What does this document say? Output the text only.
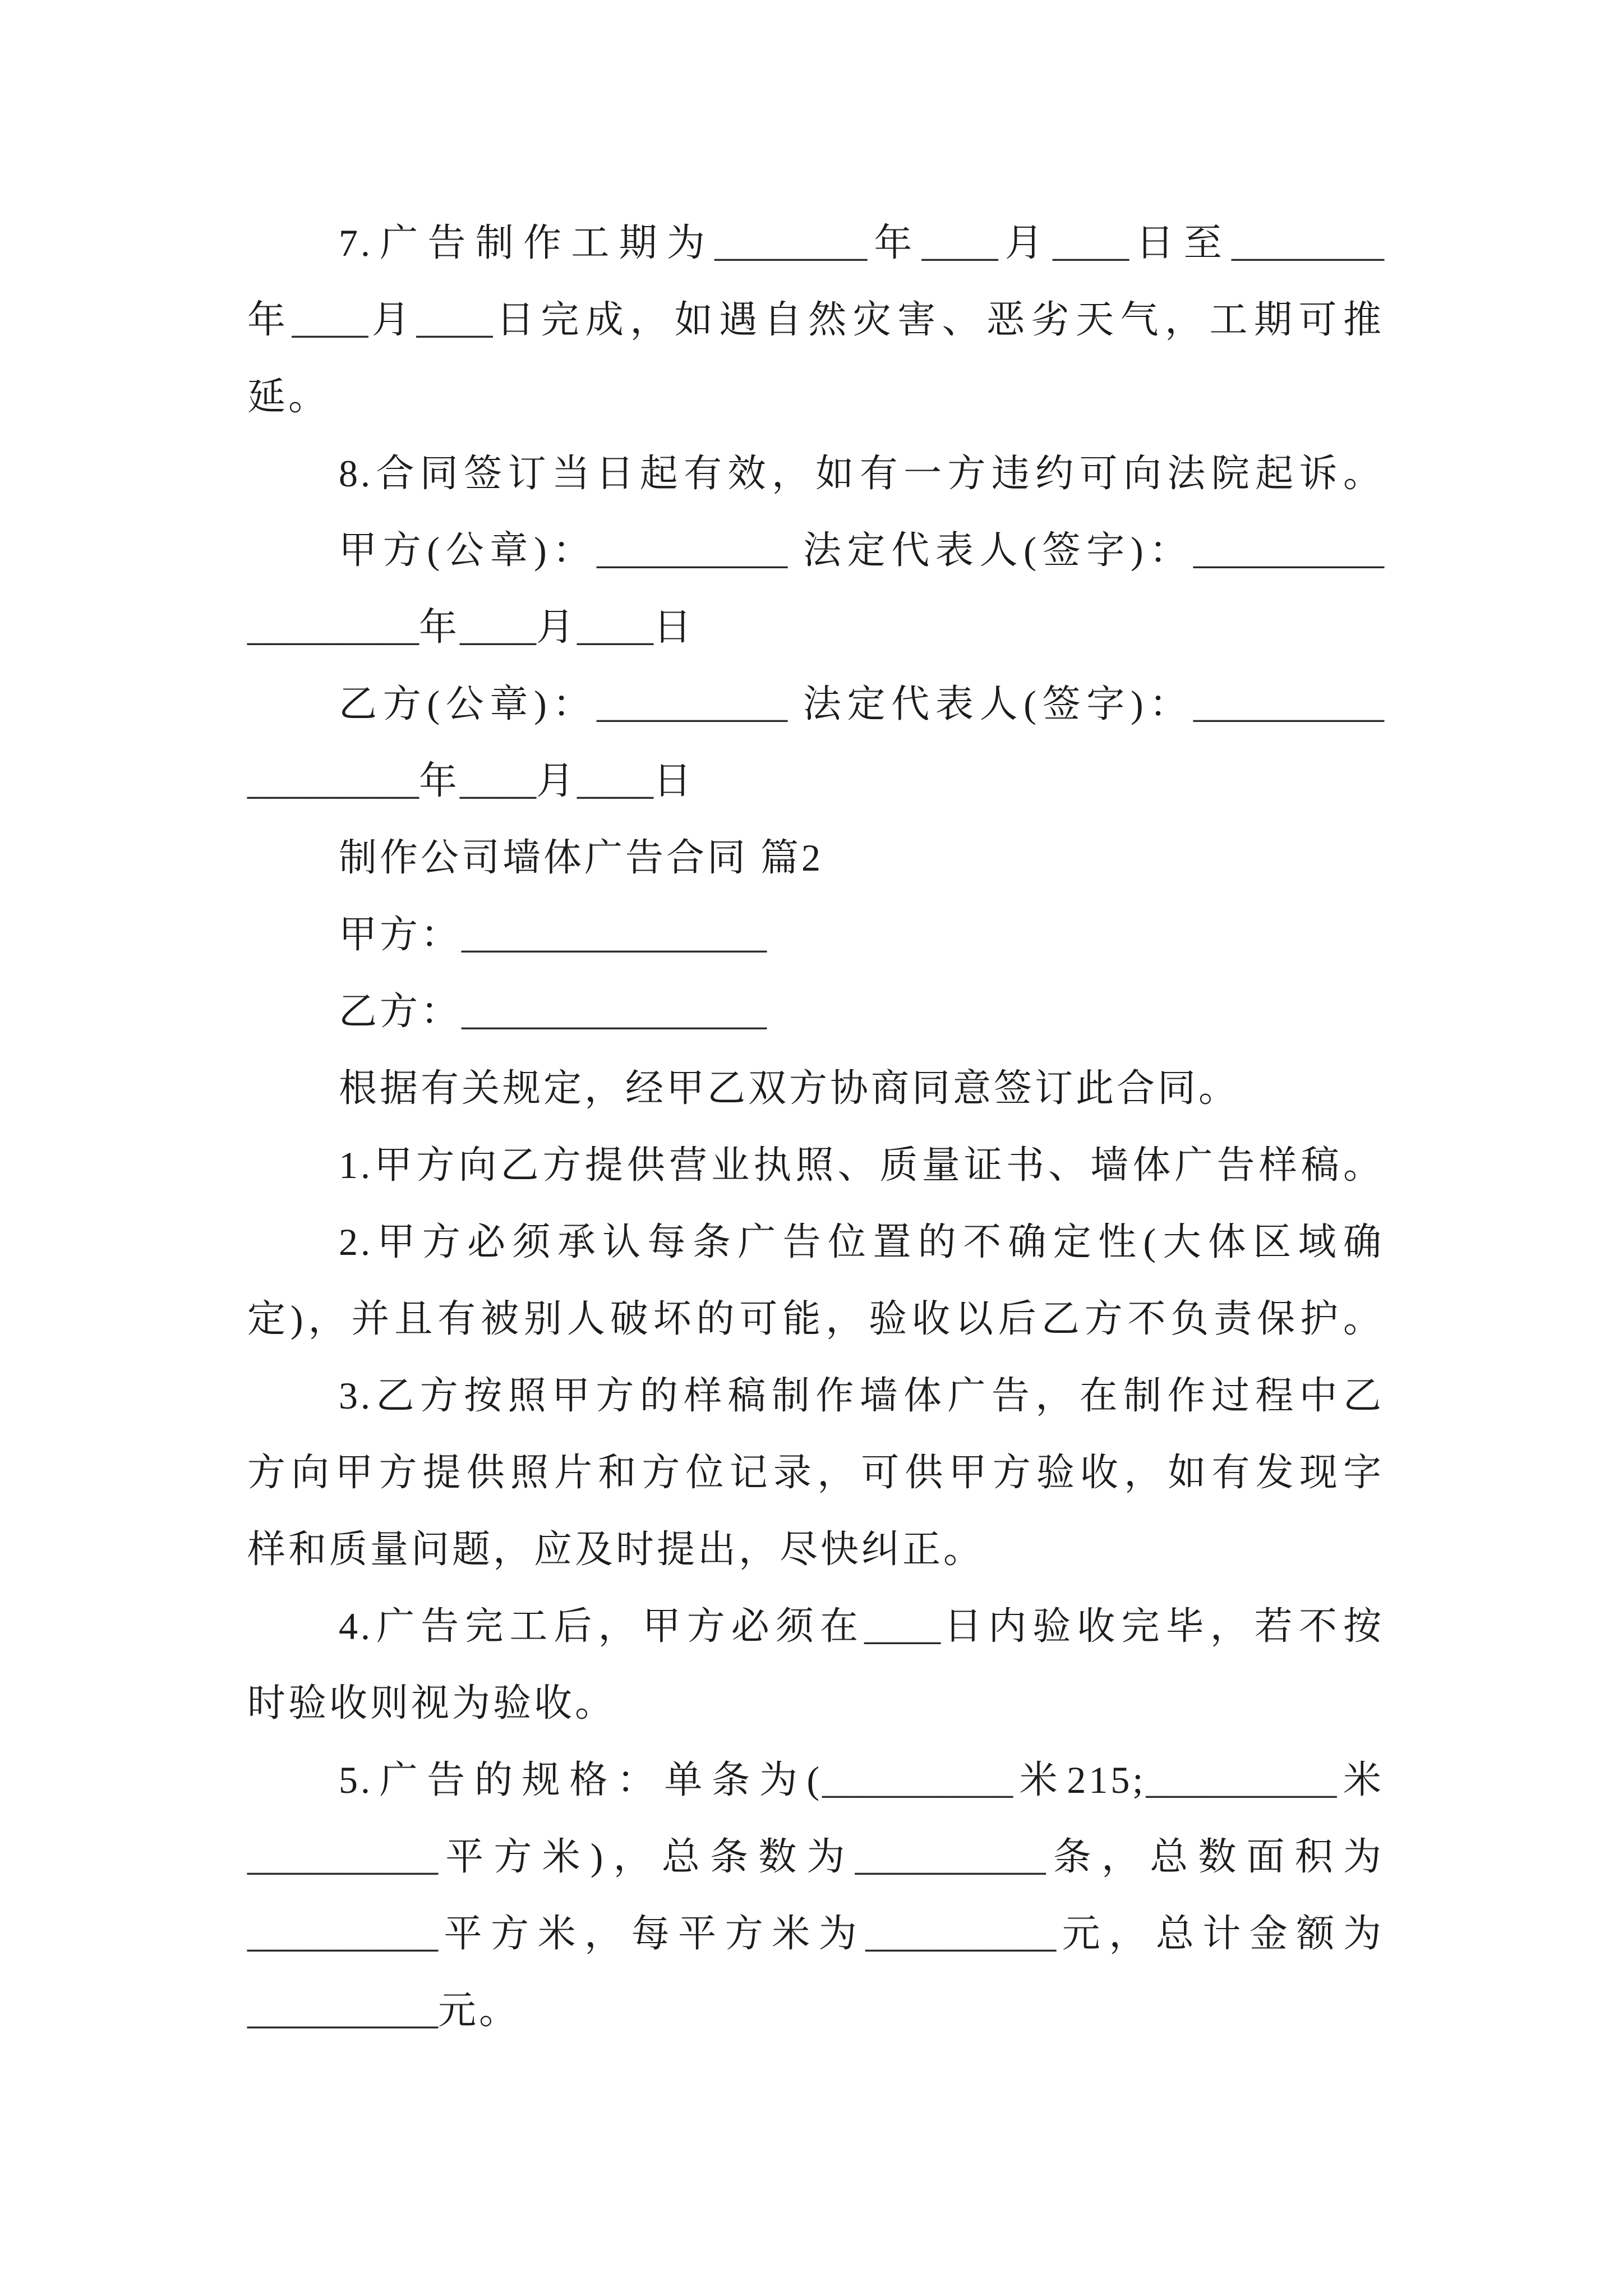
7.广告制作工期为________年____月____日至________
年____月____日完成，如遇自然灾害、恶劣天气，工期可推
延。
8.合同签订当日起有效，如有一方违约可向法院起诉。
甲方(公章)：__________ 法定代表人(签字)：__________
_________年____月____日
乙方(公章)：__________ 法定代表人(签字)：__________
_________年____月____日
制作公司墙体广告合同 篇2
甲方：________________
乙方：________________
根据有关规定，经甲乙双方协商同意签订此合同。
1.甲方向乙方提供营业执照、质量证书、墙体广告样稿。
2.甲方必须承认每条广告位置的不确定性(大体区域确
定)，并且有被别人破坏的可能，验收以后乙方不负责保护。
3.乙方按照甲方的样稿制作墙体广告，在制作过程中乙
方向甲方提供照片和方位记录，可供甲方验收，如有发现字
样和质量问题，应及时提出，尽快纠正。
4.广告完工后，甲方必须在____日内验收完毕，若不按
时验收则视为验收。
5.广告的规格：单条为(__________米215;__________米
__________平方米)，总条数为__________条，总数面积为
__________平方米，每平方米为__________元，总计金额为
__________元。
